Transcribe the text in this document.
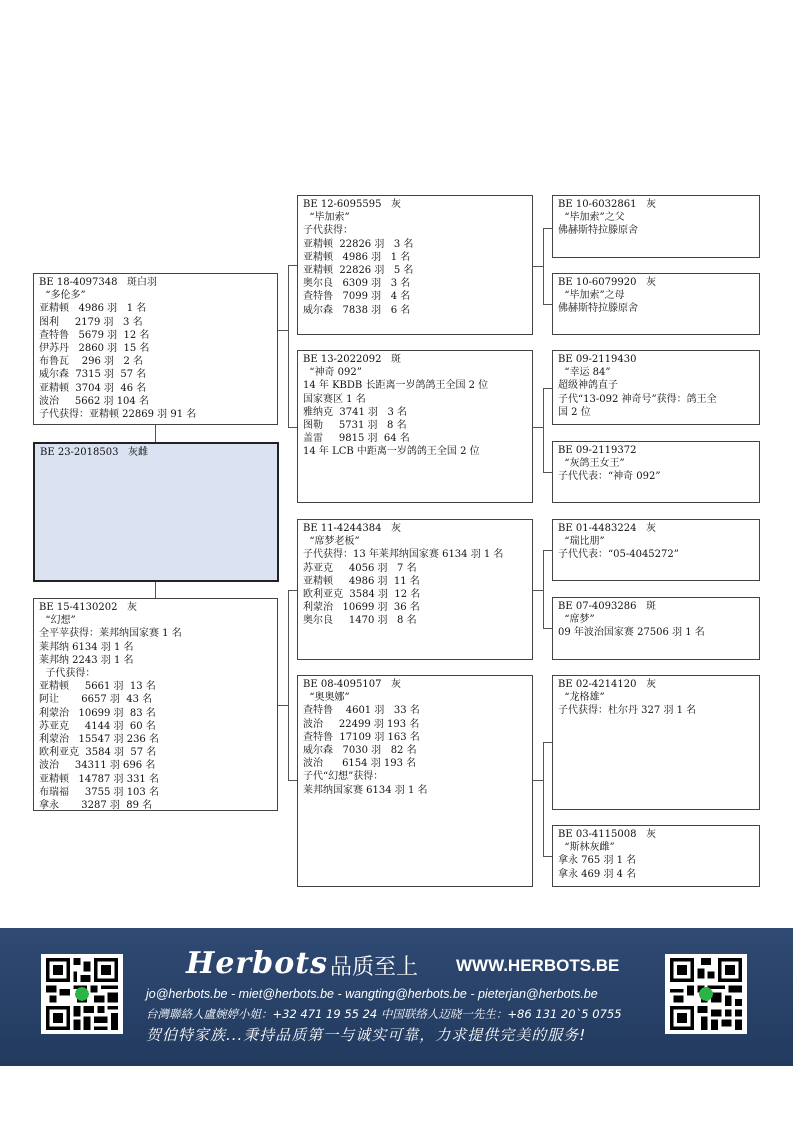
BE 18-4097348   斑白羽
“多伦多”
亚精顿   4986 羽   1 名
图利     2179 羽   3 名
查特鲁   5679 羽  12 名
伊苏丹   2860 羽  15 名
布鲁瓦    296 羽   2 名
威尔森  7315 羽  57 名
亚精顿  3704 羽  46 名
波治     5662 羽 104 名
子代获得：亚精顿 22869 羽 91 名
BE 23-2018503   灰雌
BE 15-4130202   灰
“幻想”
全平苹获得：莱邦纳国家赛 1 名
莱邦纳 6134 羽 1 名
莱邦纳 2243 羽 1 名
子代获得：
亚精顿     5661 羽  13 名
阿让       6657 羽  43 名
利蒙治   10699 羽  83 名
苏亚克     4144 羽  60 名
利蒙治   15547 羽 236 名
欧利亚克  3584 羽  57 名
波治     34311 羽 696 名
亚精顿   14787 羽 331 名
布瑞福     3755 羽 103 名
拿永       3287 羽  89 名
BE 12-6095595   灰
“毕加索”
子代获得：
亚精顿  22826 羽   3 名
亚精顿   4986 羽   1 名
亚精顿  22826 羽   5 名
奥尔良   6309 羽   3 名
查特鲁   7099 羽   4 名
威尔森   7838 羽   6 名
BE 13-2022092   斑
“神奇 092”
14 年 KBDB 长距离一岁鸽鸽王全国 2 位
国家赛区 1 名
雅纳克  3741 羽   3 名
图勒     5731 羽   8 名
盖雷     9815 羽  64 名
14 年 LCB 中距离一岁鸽鸽王全国 2 位
BE 11-4244384   灰
“席梦老板”
子代获得：13 年莱邦纳国家赛 6134 羽 1 名
苏亚克     4056 羽   7 名
亚精顿     4986 羽  11 名
欧利亚克  3584 羽  12 名
利蒙治   10699 羽  36 名
奥尔良     1470 羽   8 名
BE 08-4095107   灰
“奥奥娜”
查特鲁    4601 羽   33 名
波治     22499 羽 193 名
查特鲁  17109 羽 163 名
威尔森   7030 羽   82 名
波治      6154 羽 193 名
子代“幻想”获得：
莱邦纳国家赛 6134 羽 1 名
BE 10-6032861   灰
“毕加索”之父
佛赫斯特拉滕原舍
BE 10-6079920   灰
“毕加索”之母
佛赫斯特拉滕原舍
BE 09-2119430
“幸运 84”
超级神鸽直子
子代“13-092 神奇号”获得：鸽王全
国 2 位
BE 09-2119372
“灰鸽王女王”
子代代表：“神奇 092”
BE 01-4483224   灰
“瑞比朋”
子代代表：“05-4045272”
BE 07-4093286   斑
“席梦”
09 年波治国家赛 27506 羽 1 名
BE 02-4214120   灰
“龙格雄”
子代获得：杜尔丹 327 羽 1 名
BE 03-4115008   灰
“斯林灰雌”
拿永 765 羽 1 名
拿永 469 羽 4 名
Herbots 品质至上 WWW.HERBOTS.BE
jo@herbots.be - miet@herbots.be - wangting@herbots.be - pieterjan@herbots.be
台灣聯絡人盧婉婷小姐：+32 471 19 55 24 中国联络人迈晓一先生：+86 131 20`5 0755
贺伯特家族...秉持品质第一与诚实可靠，力求提供完美的服务!
